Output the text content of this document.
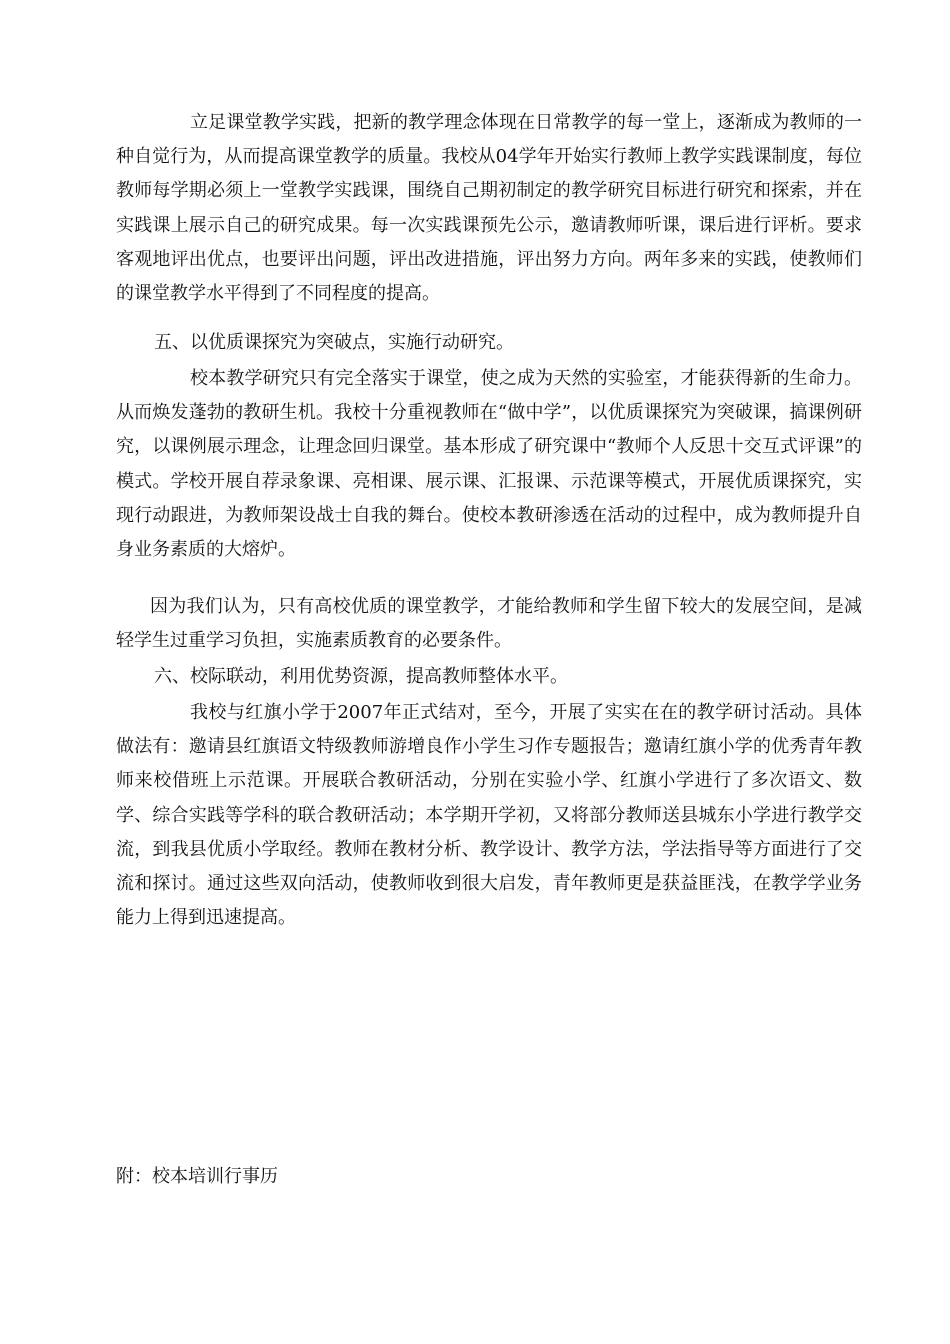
立足课堂教学实践，把新的教学理念体现在日常教学的每一堂上，逐渐成为教师的一种自觉行为，从而提高课堂教学的质量。我校从04学年开始实行教师上教学实践课制度，每位教师每学期必须上一堂教学实践课，围绕自己期初制定的教学研究目标进行研究和探索，并在实践课上展示自己的研究成果。每一次实践课预先公示，邀请教师听课，课后进行评析。要求客观地评出优点，也要评出问题，评出改进措施，评出努力方向。两年多来的实践，使教师们的课堂教学水平得到了不同程度的提高。

五、以优质课探究为突破点，实施行动研究。

校本教学研究只有完全落实于课堂，使之成为天然的实验室，才能获得新的生命力。从而焕发蓬勃的教研生机。我校十分重视教师在“做中学”，以优质课探究为突破课，搞课例研究，以课例展示理念，让理念回归课堂。基本形成了研究课中“教师个人反思十交互式评课”的模式。学校开展自荐录象课、亮相课、展示课、汇报课、示范课等模式，开展优质课探究，实现行动跟进，为教师架设战士自我的舞台。使校本教研渗透在活动的过程中，成为教师提升自身业务素质的大熔炉。

因为我们认为，只有高校优质的课堂教学，才能给教师和学生留下较大的发展空间，是减轻学生过重学习负担，实施素质教育的必要条件。

六、校际联动，利用优势资源，提高教师整体水平。

我校与红旗小学于2007年正式结对，至今，开展了实实在在的教学研讨活动。具体做法有：邀请县红旗语文特级教师游增良作小学生习作专题报告；邀请红旗小学的优秀青年教师来校借班上示范课。开展联合教研活动，分别在实验小学、红旗小学进行了多次语文、数学、综合实践等学科的联合教研活动；本学期开学初，又将部分教师送县城东小学进行教学交流，到我县优质小学取经。教师在教材分析、教学设计、教学方法，学法指导等方面进行了交流和探讨。通过这些双向活动，使教师收到很大启发，青年教师更是获益匪浅，在教学学业务能力上得到迅速提高。

附：校本培训行事历
